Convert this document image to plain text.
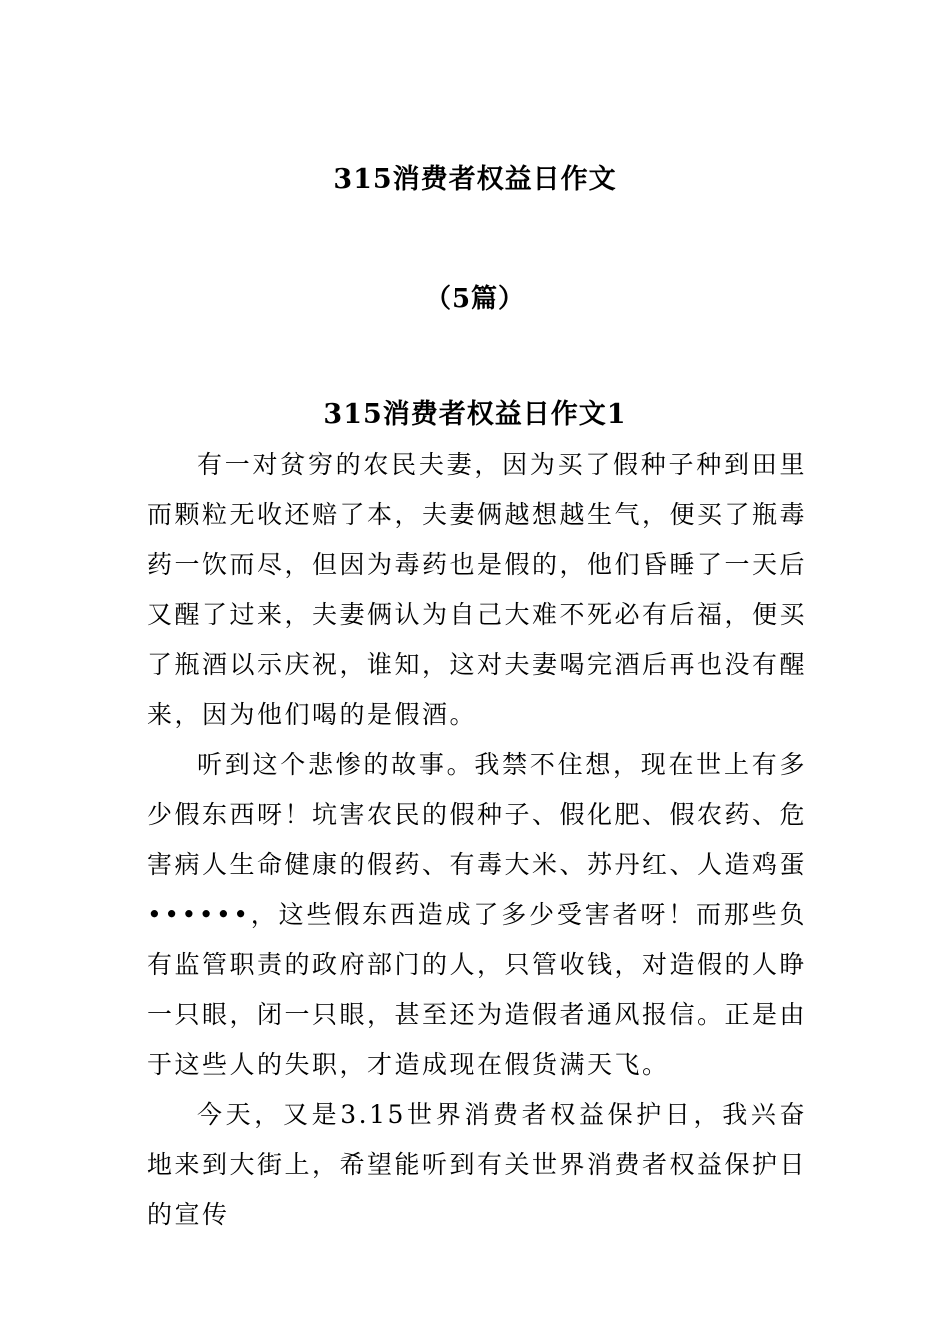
315消费者权益日作文
（5篇）
315消费者权益日作文1

有一对贫穷的农民夫妻，因为买了假种子种到田里而颗粒无收还赔了本，夫妻俩越想越生气，便买了瓶毒药一饮而尽，但因为毒药也是假的，他们昏睡了一天后又醒了过来，夫妻俩认为自己大难不死必有后福，便买了瓶酒以示庆祝，谁知，这对夫妻喝完酒后再也没有醒来，因为他们喝的是假酒。

听到这个悲惨的故事。我禁不住想，现在世上有多少假东西呀！坑害农民的假种子、假化肥、假农药、危害病人生命健康的假药、有毒大米、苏丹红、人造鸡蛋••••••，这些假东西造成了多少受害者呀！而那些负有监管职责的政府部门的人，只管收钱，对造假的人睁一只眼，闭一只眼，甚至还为造假者通风报信。正是由于这些人的失职，才造成现在假货满天飞。

今天，又是3.15世界消费者权益保护日，我兴奋地来到大街上，希望能听到有关世界消费者权益保护日的宣传
